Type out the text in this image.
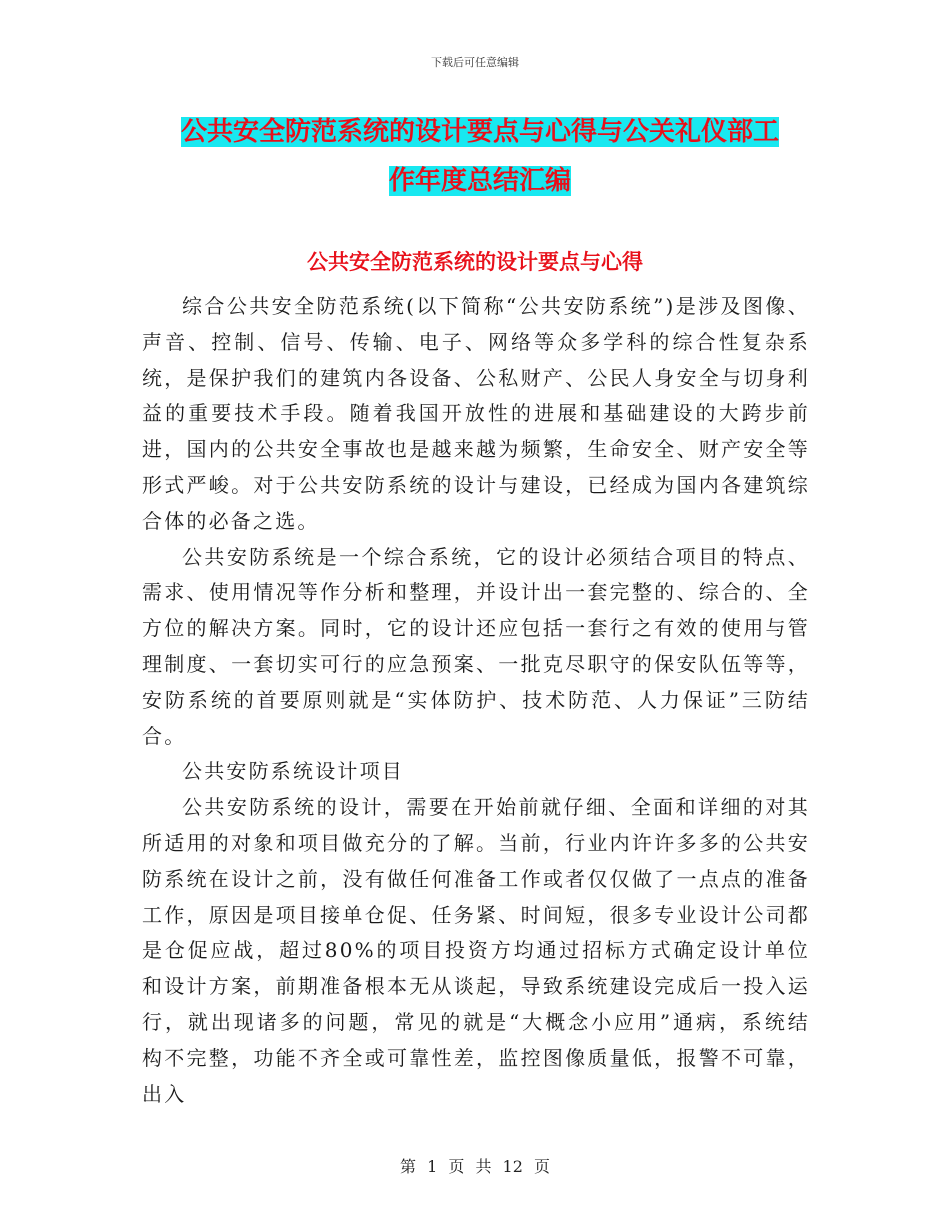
下载后可任意编辑
公共安全防范系统的设计要点与心得与公关礼仪部工
作年度总结汇编
公共安全防范系统的设计要点与心得

综合公共安全防范系统(以下简称“公共安防系统”)是涉及图像、声音、控制、信号、传输、电子、网络等众多学科的综合性复杂系统，是保护我们的建筑内各设备、公私财产、公民人身安全与切身利益的重要技术手段。随着我国开放性的进展和基础建设的大跨步前进，国内的公共安全事故也是越来越为频繁，生命安全、财产安全等形式严峻。对于公共安防系统的设计与建设，已经成为国内各建筑综合体的必备之选。

公共安防系统是一个综合系统，它的设计必须结合项目的特点、需求、使用情况等作分析和整理，并设计出一套完整的、综合的、全方位的解决方案。同时，它的设计还应包括一套行之有效的使用与管理制度、一套切实可行的应急预案、一批克尽职守的保安队伍等等，安防系统的首要原则就是“实体防护、技术防范、人力保证”三防结合。

公共安防系统设计项目

公共安防系统的设计，需要在开始前就仔细、全面和详细的对其所适用的对象和项目做充分的了解。当前，行业内许许多多的公共安防系统在设计之前，没有做任何准备工作或者仅仅做了一点点的准备工作，原因是项目接单仓促、任务紧、时间短，很多专业设计公司都是仓促应战，超过80%的项目投资方均通过招标方式确定设计单位和设计方案，前期准备根本无从谈起，导致系统建设完成后一投入运行，就出现诸多的问题，常见的就是“大概念小应用”通病，系统结构不完整，功能不齐全或可靠性差，监控图像质量低，报警不可靠，出入

第 1 页 共 12 页
